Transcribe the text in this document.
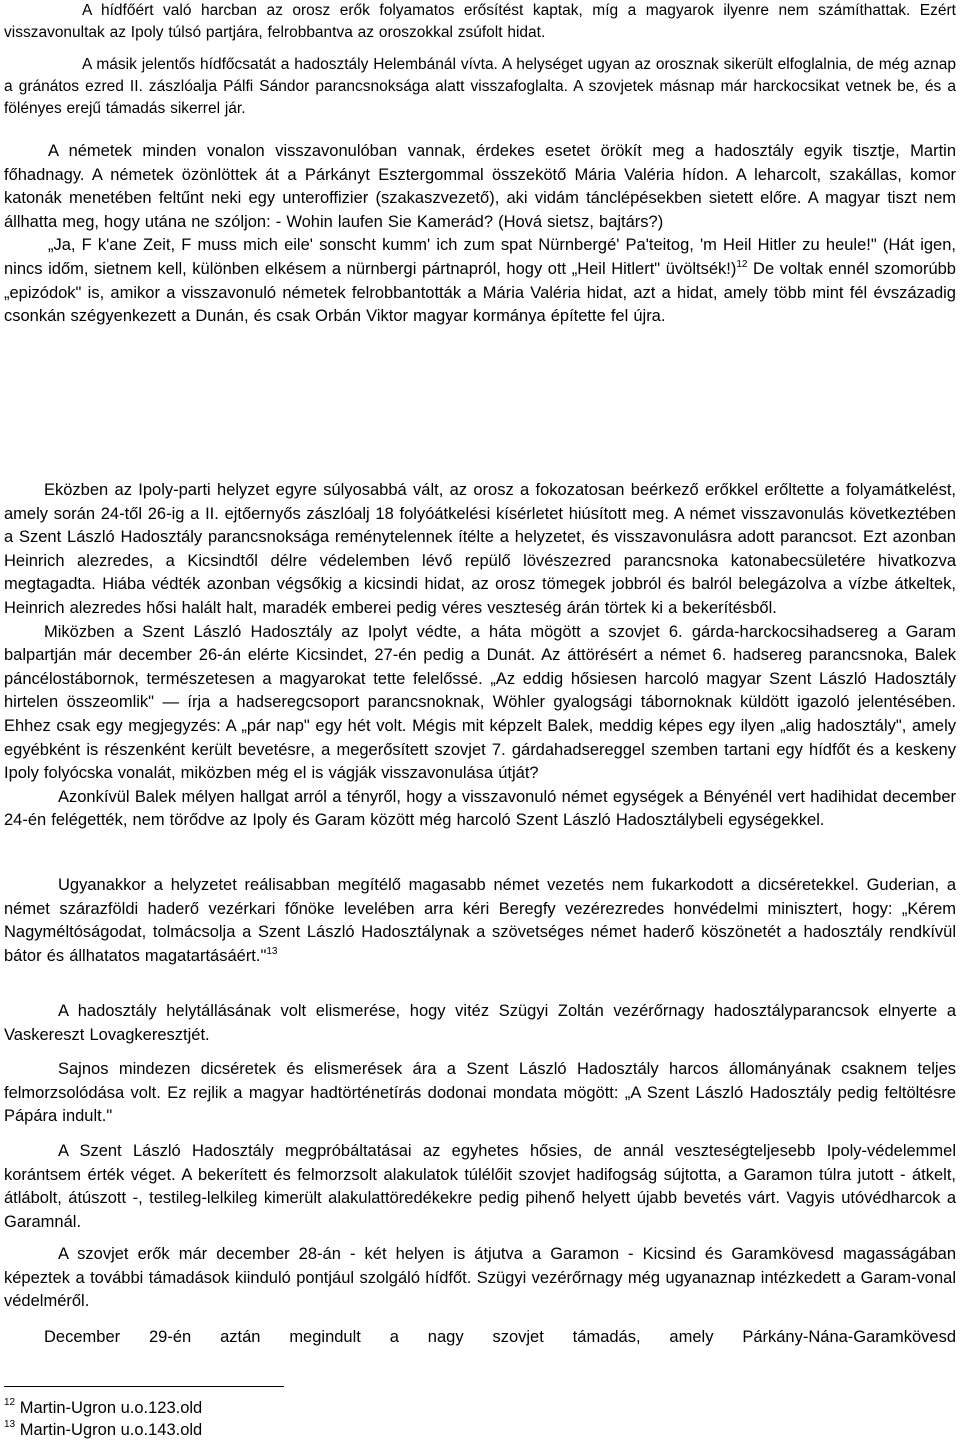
A hídfőért való harcban az orosz erők folyamatos erősítést kaptak, míg a magyarok ilyenre nem számíthattak. Ezért visszavonultak az Ipoly túlsó partjára, felrobbantva az oroszokkal zsúfolt hidat.

A másik jelentős hídfőcsatát a hadosztály Helembánál vívta. A helységet ugyan az orosznak sikerült elfoglalnia, de még aznap a gránátos ezred II. zászlóalja Pálfi Sándor parancsnoksága alatt visszafoglalta. A szovjetek másnap már harckocsikat vetnek be, és a fölényes erejű támadás sikerrel jár.

A németek minden vonalon visszavonulóban vannak, érdekes esetet örökít meg a hadosztály egyik tisztje, Martin főhadnagy. A németek özönlöttek át a Párkányt Esztergommal összekötő Mária Valéria hídon. A leharcolt, szakállas, komor katonák menetében feltűnt neki egy unteroffizier (szakaszvezető), aki vidám tánclépésekben sietett előre. A magyar tiszt nem állhatta meg, hogy utána ne szóljon: - Wohin laufen Sie Kamerád? (Hová sietsz, bajtárs?)

„Ja, F k'ane Zeit, F muss mich eile' sonscht kumm' ich zum spat Nürnbergé' Pa'teitog, 'm Heil Hitler zu heule!" (Hát igen, nincs időm, sietnem kell, különben elkésem a nürnbergi pártnapról, hogy ott „Heil Hitlert" üvöltsék!)$^{12}$ De voltak ennél szomorúbb „epizódok" is, amikor a visszavonuló németek felrobbantották a Mária Valéria hidat, azt a hidat, amely több mint fél évszázadig csonkán szégyenkezett a Dunán, és csak Orbán Viktor magyar kormánya építette fel újra.

Eközben az Ipoly-parti helyzet egyre súlyosabbá vált, az orosz a fokozatosan beérkező erőkkel erőltette a folyamátkelést, amely során 24-től 26-ig a II. ejtőernyős zászlóalj 18 folyóátkelési kísérletet hiúsított meg. A német visszavonulás következtében a Szent László Hadosztály parancsnoksága reménytelennek ítélte a helyzetet, és visszavonulásra adott parancsot. Ezt azonban Heinrich alezredes, a Kicsindtől délre védelemben lévő repülő lövészezred parancsnoka katonabecsületére hivatkozva megtagadta. Hiába védték azonban végsőkig a kicsindi hidat, az orosz tömegek jobbról és balról belegázolva a vízbe átkeltek, Heinrich alezredes hősi halált halt, maradék emberei pedig véres veszteség árán törtek ki a bekerítésből.

Miközben a Szent László Hadosztály az Ipolyt védte, a háta mögött a szovjet 6. gárda-harckocsihadsereg a Garam balpartján már december 26-án elérte Kicsindet, 27-én pedig a Dunát. Az áttörésért a német 6. hadsereg parancsnoka, Balek páncélostábornok, természetesen a magyarokat tette felelőssé. „Az eddig hősiesen harcoló magyar Szent László Hadosztály hirtelen összeomlik" ― írja a hadseregcsoport parancsnoknak, Wöhler gyalogsági tábornoknak küldött igazoló jelentésében. Ehhez csak egy megjegyzés: A „pár nap" egy hét volt. Mégis mit képzelt Balek, meddig képes egy ilyen „alig hadosztály", amely egyébként is részenként került bevetésre, a megerősített szovjet 7. gárdahadsereggel szemben tartani egy hídfőt és a keskeny Ipoly folyócska vonalát, miközben még el is vágják visszavonulása útját?

Azonkívül Balek mélyen hallgat arról a tényről, hogy a visszavonuló német egységek a Bényénél vert hadihidat december 24-én felégették, nem törődve az Ipoly és Garam között még harcoló Szent László Hadosztálybeli egységekkel.

Ugyanakkor a helyzetet reálisabban megítélő magasabb német vezetés nem fukarkodott a dicséretekkel. Guderian, a német szárazföldi haderő vezérkari főnöke levelében arra kéri Beregfy vezérezredes honvédelmi minisztert, hogy: „Kérem Nagyméltóságodat, tolmácsolja a Szent László Hadosztálynak a szövetséges német haderő köszönetét a hadosztály rendkívül bátor és állhatatos magatartásáért."$^{13}$

A hadosztály helytállásának volt elismerése, hogy vitéz Szügyi Zoltán vezérőrnagy hadosztályparancsok elnyerte a Vaskereszt Lovagkeresztjét.

Sajnos mindezen dicséretek és elismerések ára a Szent László Hadosztály harcos állományának csaknem teljes felmorzsolódása volt. Ez rejlik a magyar hadtörténetírás dodonai mondata mögött: „A Szent László Hadosztály pedig feltöltésre Pápára indult."

A Szent László Hadosztály megpróbáltatásai az egyhetes hősies, de annál veszteségteljesebb Ipoly-védelemmel korántsem érték véget. A bekerített és felmorzsolt alakulatok túlélőit szovjet hadifogság sújtotta, a Garamon túlra jutott - átkelt, átlábolt, átúszott -, testileg-lelkileg kimerült alakulattöredékekre pedig pihenő helyett újabb bevetés várt. Vagyis utóvédharcok a Garamnál.

A szovjet erők már december 28-án - két helyen is átjutva a Garamon - Kicsind és Garamkövesd magasságában képeztek a további támadások kiinduló pontjául szolgáló hídfőt. Szügyi vezérőrnagy még ugyanaznap intézkedett a Garam-vonal védelméről.

December 29-én aztán megindult a nagy szovjet támadás, amely Párkány-Nána-Garamkövesd

$^{12}$ Martin-Ugron u.o.123.old
$^{13}$ Martin-Ugron u.o.143.old
